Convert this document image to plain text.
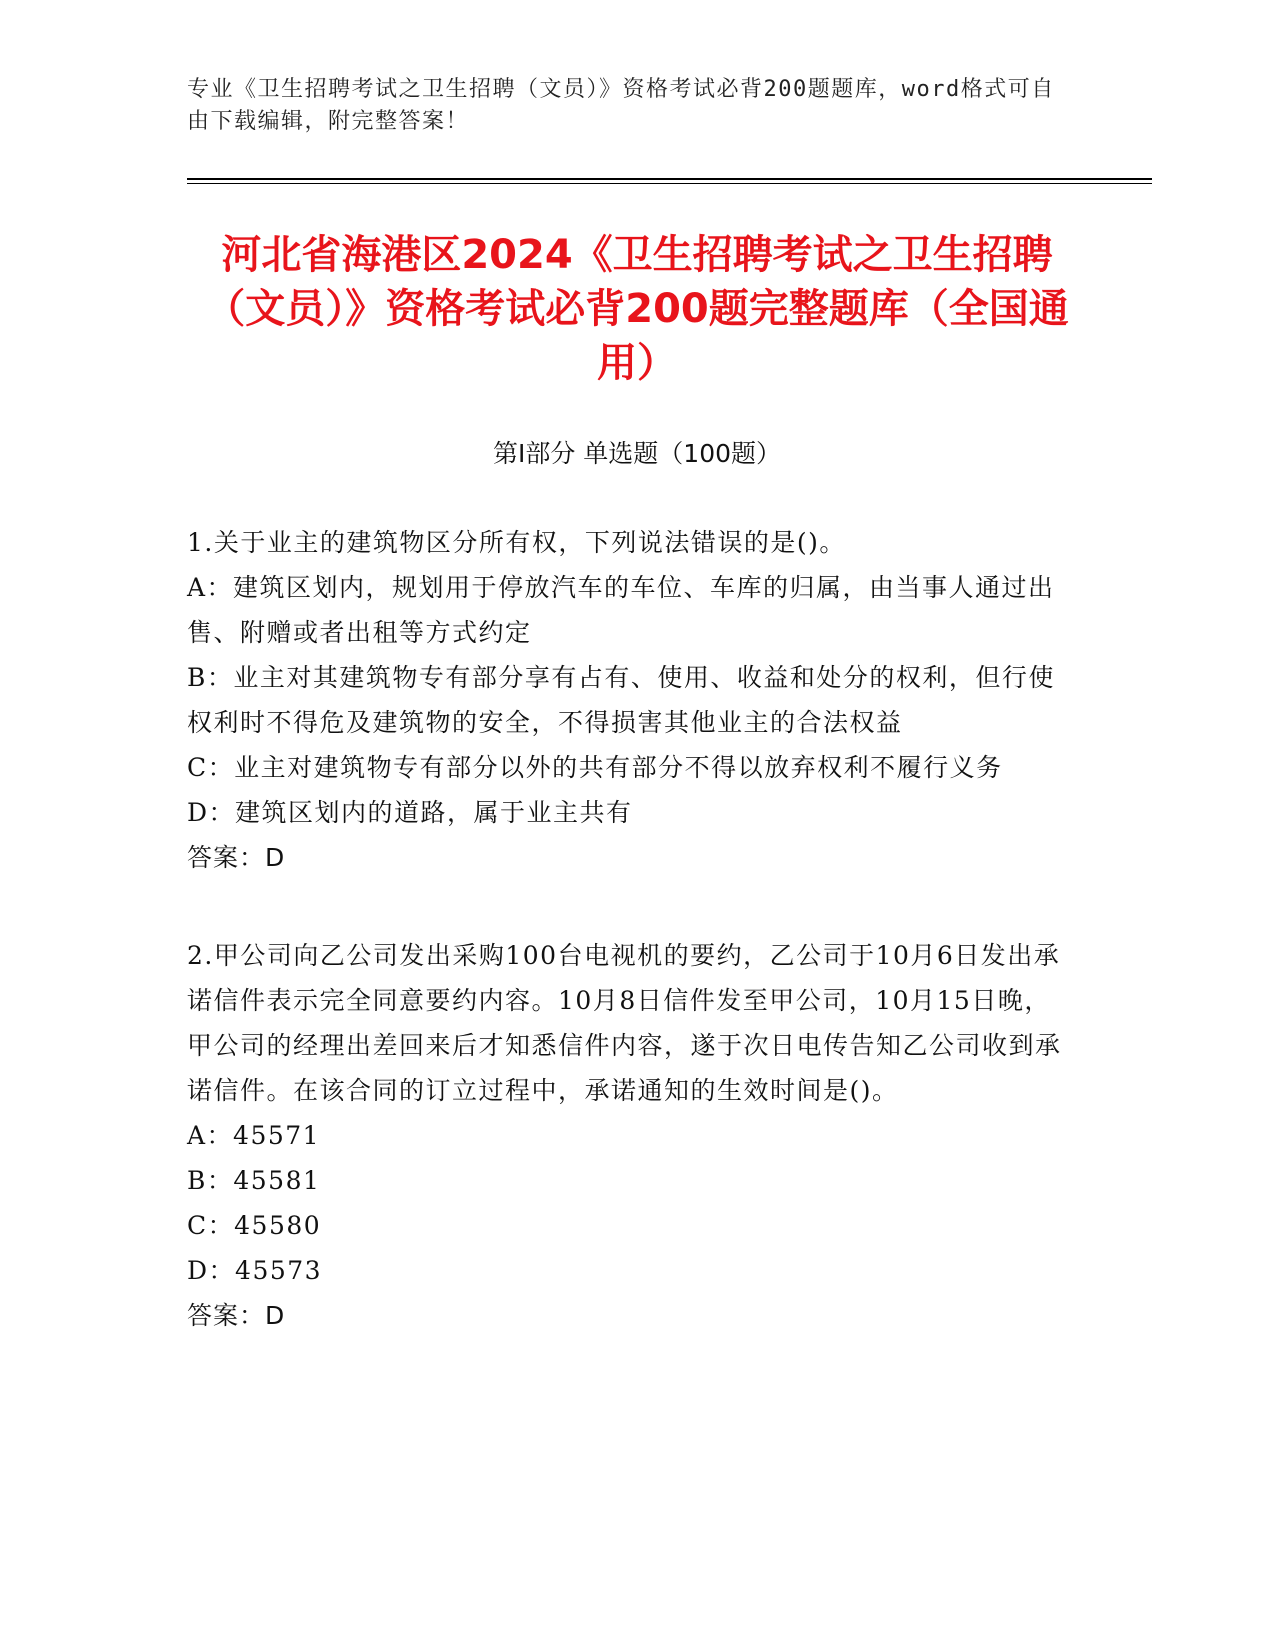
专业《卫生招聘考试之卫生招聘（文员）》资格考试必背200题题库，word格式可自由下载编辑，附完整答案！
河北省海港区2024《卫生招聘考试之卫生招聘（文员）》资格考试必背200题完整题库（全国通用）
第Ⅰ部分 单选题（100题）
1.关于业主的建筑物区分所有权，下列说法错误的是()。
A：建筑区划内，规划用于停放汽车的车位、车库的归属，由当事人通过出售、附赠或者出租等方式约定
B：业主对其建筑物专有部分享有占有、使用、收益和处分的权利，但行使权利时不得危及建筑物的安全，不得损害其他业主的合法权益
C：业主对建筑物专有部分以外的共有部分不得以放弃权利不履行义务
D：建筑区划内的道路，属于业主共有
答案：D
2.甲公司向乙公司发出采购100台电视机的要约，乙公司于10月6日发出承诺信件表示完全同意要约内容。10月8日信件发至甲公司，10月15日晚，甲公司的经理出差回来后才知悉信件内容，遂于次日电传告知乙公司收到承诺信件。在该合同的订立过程中，承诺通知的生效时间是()。
A：45571
B：45581
C：45580
D：45573
答案：D
